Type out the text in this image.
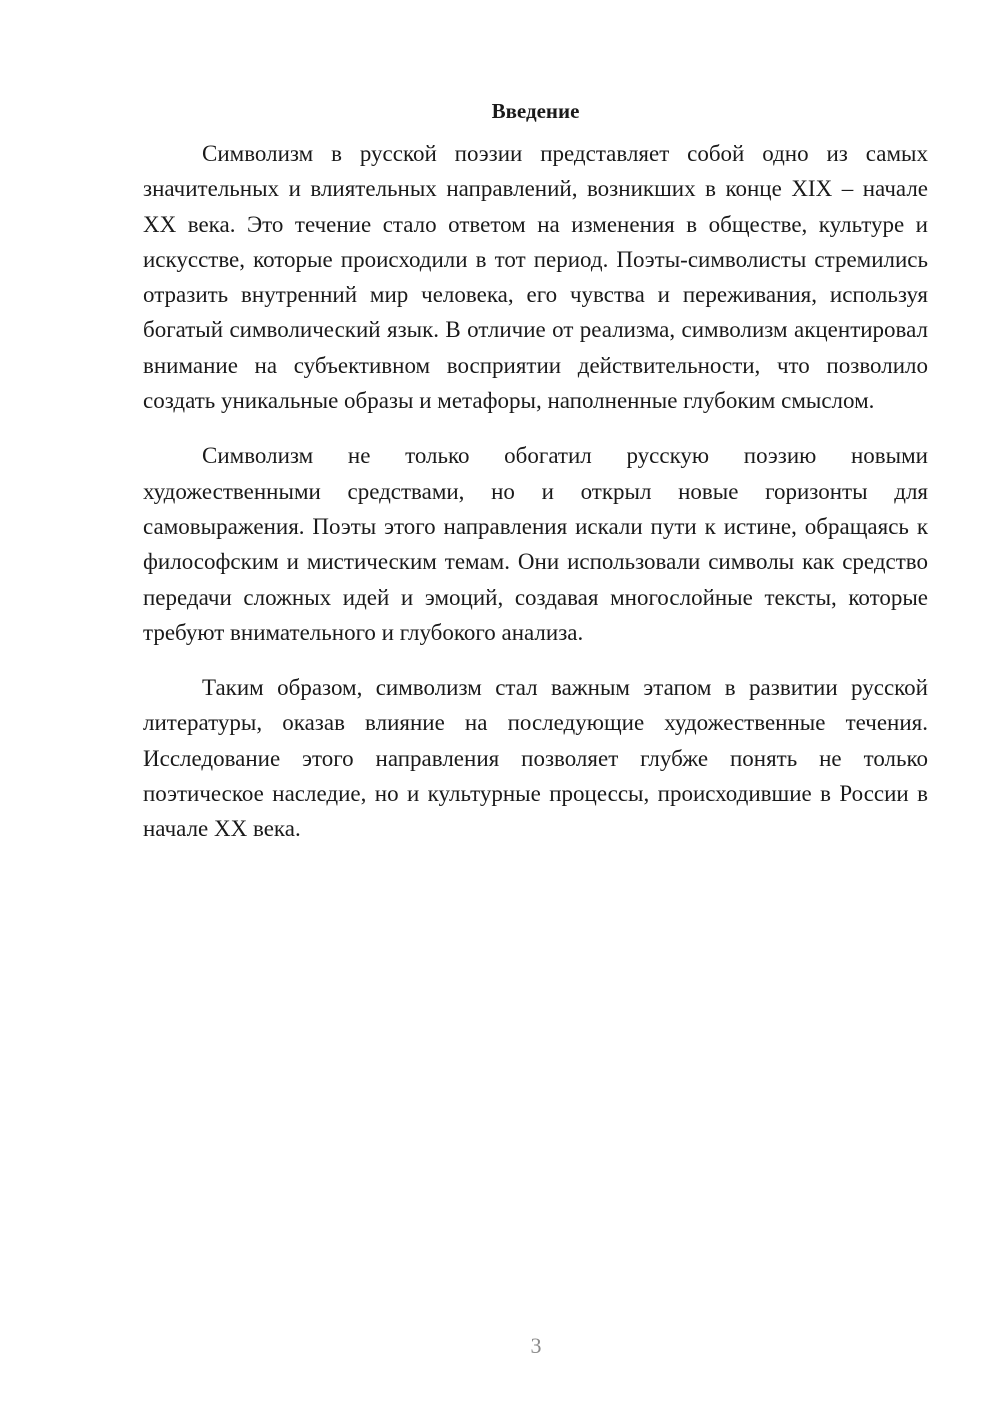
Введение

Символизм в русской поэзии представляет собой одно из самых значительных и влиятельных направлений, возникших в конце XIX – начале XX века. Это течение стало ответом на изменения в обществе, культуре и искусстве, которые происходили в тот период. Поэты-символисты стремились отразить внутренний мир человека, его чувства и переживания, используя богатый символический язык. В отличие от реализма, символизм акцентировал внимание на субъективном восприятии действительности, что позволило создать уникальные образы и метафоры, наполненные глубоким смыслом.

Символизм не только обогатил русскую поэзию новыми художественными средствами, но и открыл новые горизонты для самовыражения. Поэты этого направления искали пути к истине, обращаясь к философским и мистическим темам. Они использовали символы как средство передачи сложных идей и эмоций, создавая многослойные тексты, которые требуют внимательного и глубокого анализа.

Таким образом, символизм стал важным этапом в развитии русской литературы, оказав влияние на последующие художественные течения. Исследование этого направления позволяет глубже понять не только поэтическое наследие, но и культурные процессы, происходившие в России в начале XX века.

3
